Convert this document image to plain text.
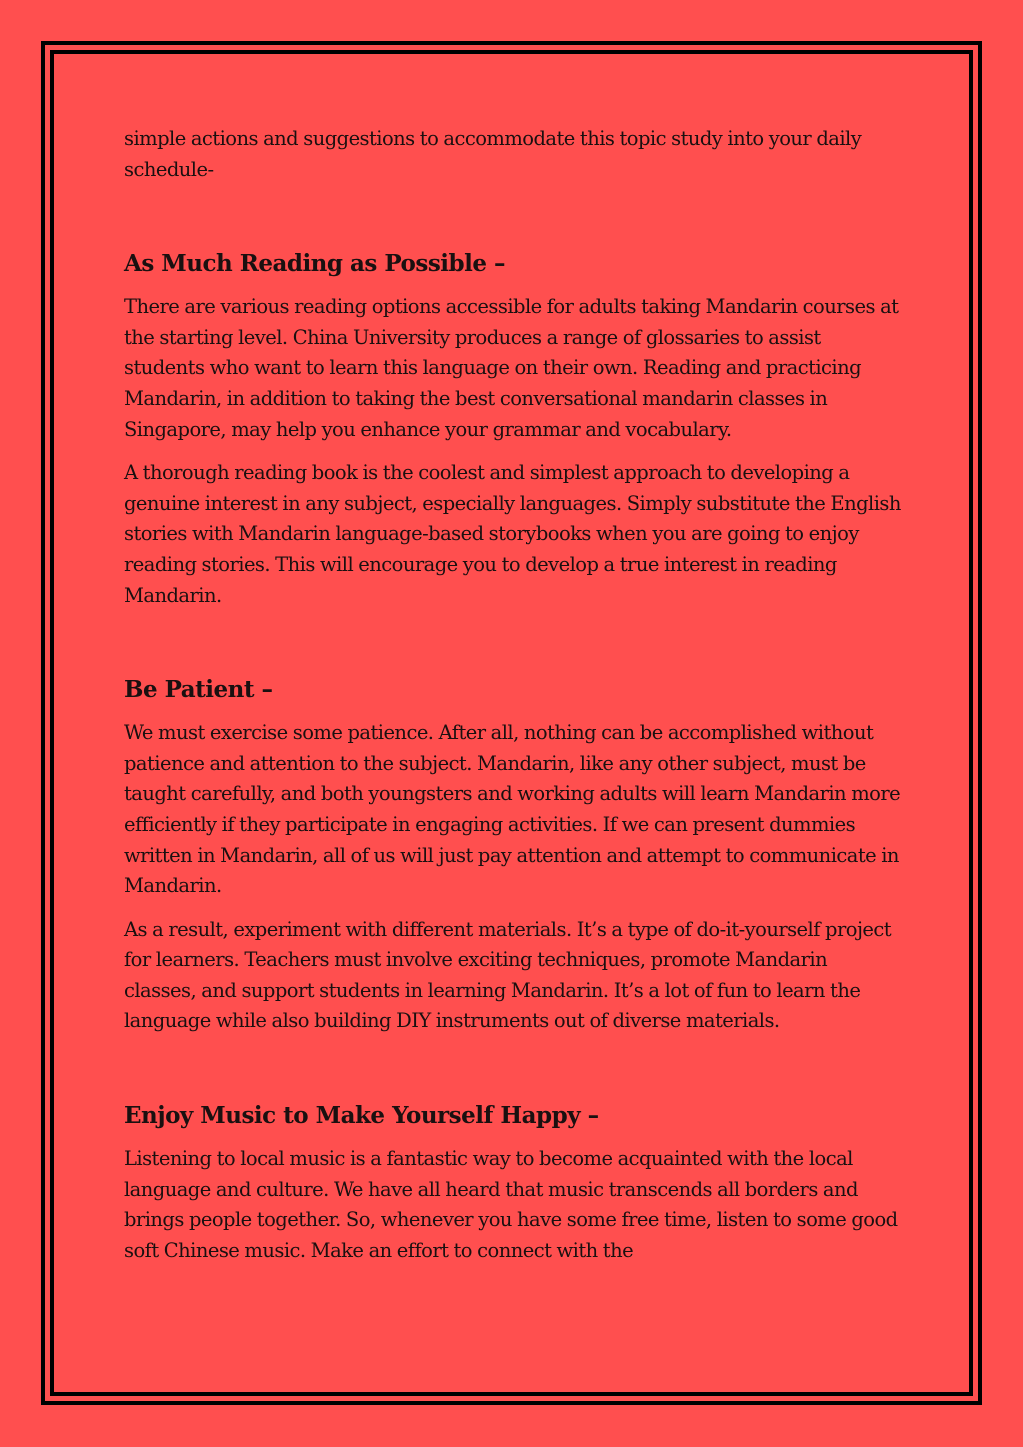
simple actions and suggestions to accommodate this topic study into your daily schedule-

As Much Reading as Possible –

There are various reading options accessible for adults taking Mandarin courses at the starting level. China University produces a range of glossaries to assist students who want to learn this language on their own. Reading and practicing Mandarin, in addition to taking the best conversational mandarin classes in Singapore, may help you enhance your grammar and vocabulary.

A thorough reading book is the coolest and simplest approach to developing a genuine interest in any subject, especially languages. Simply substitute the English stories with Mandarin language-based storybooks when you are going to enjoy reading stories. This will encourage you to develop a true interest in reading Mandarin.

Be Patient –

We must exercise some patience. After all, nothing can be accomplished without patience and attention to the subject. Mandarin, like any other subject, must be taught carefully, and both youngsters and working adults will learn Mandarin more efficiently if they participate in engaging activities. If we can present dummies written in Mandarin, all of us will just pay attention and attempt to communicate in Mandarin.

As a result, experiment with different materials. It’s a type of do-it-yourself project for learners. Teachers must involve exciting techniques, promote Mandarin classes, and support students in learning Mandarin. It’s a lot of fun to learn the language while also building DIY instruments out of diverse materials.

Enjoy Music to Make Yourself Happy –

Listening to local music is a fantastic way to become acquainted with the local language and culture. We have all heard that music transcends all borders and brings people together. So, whenever you have some free time, listen to some good soft Chinese music. Make an effort to connect with the
